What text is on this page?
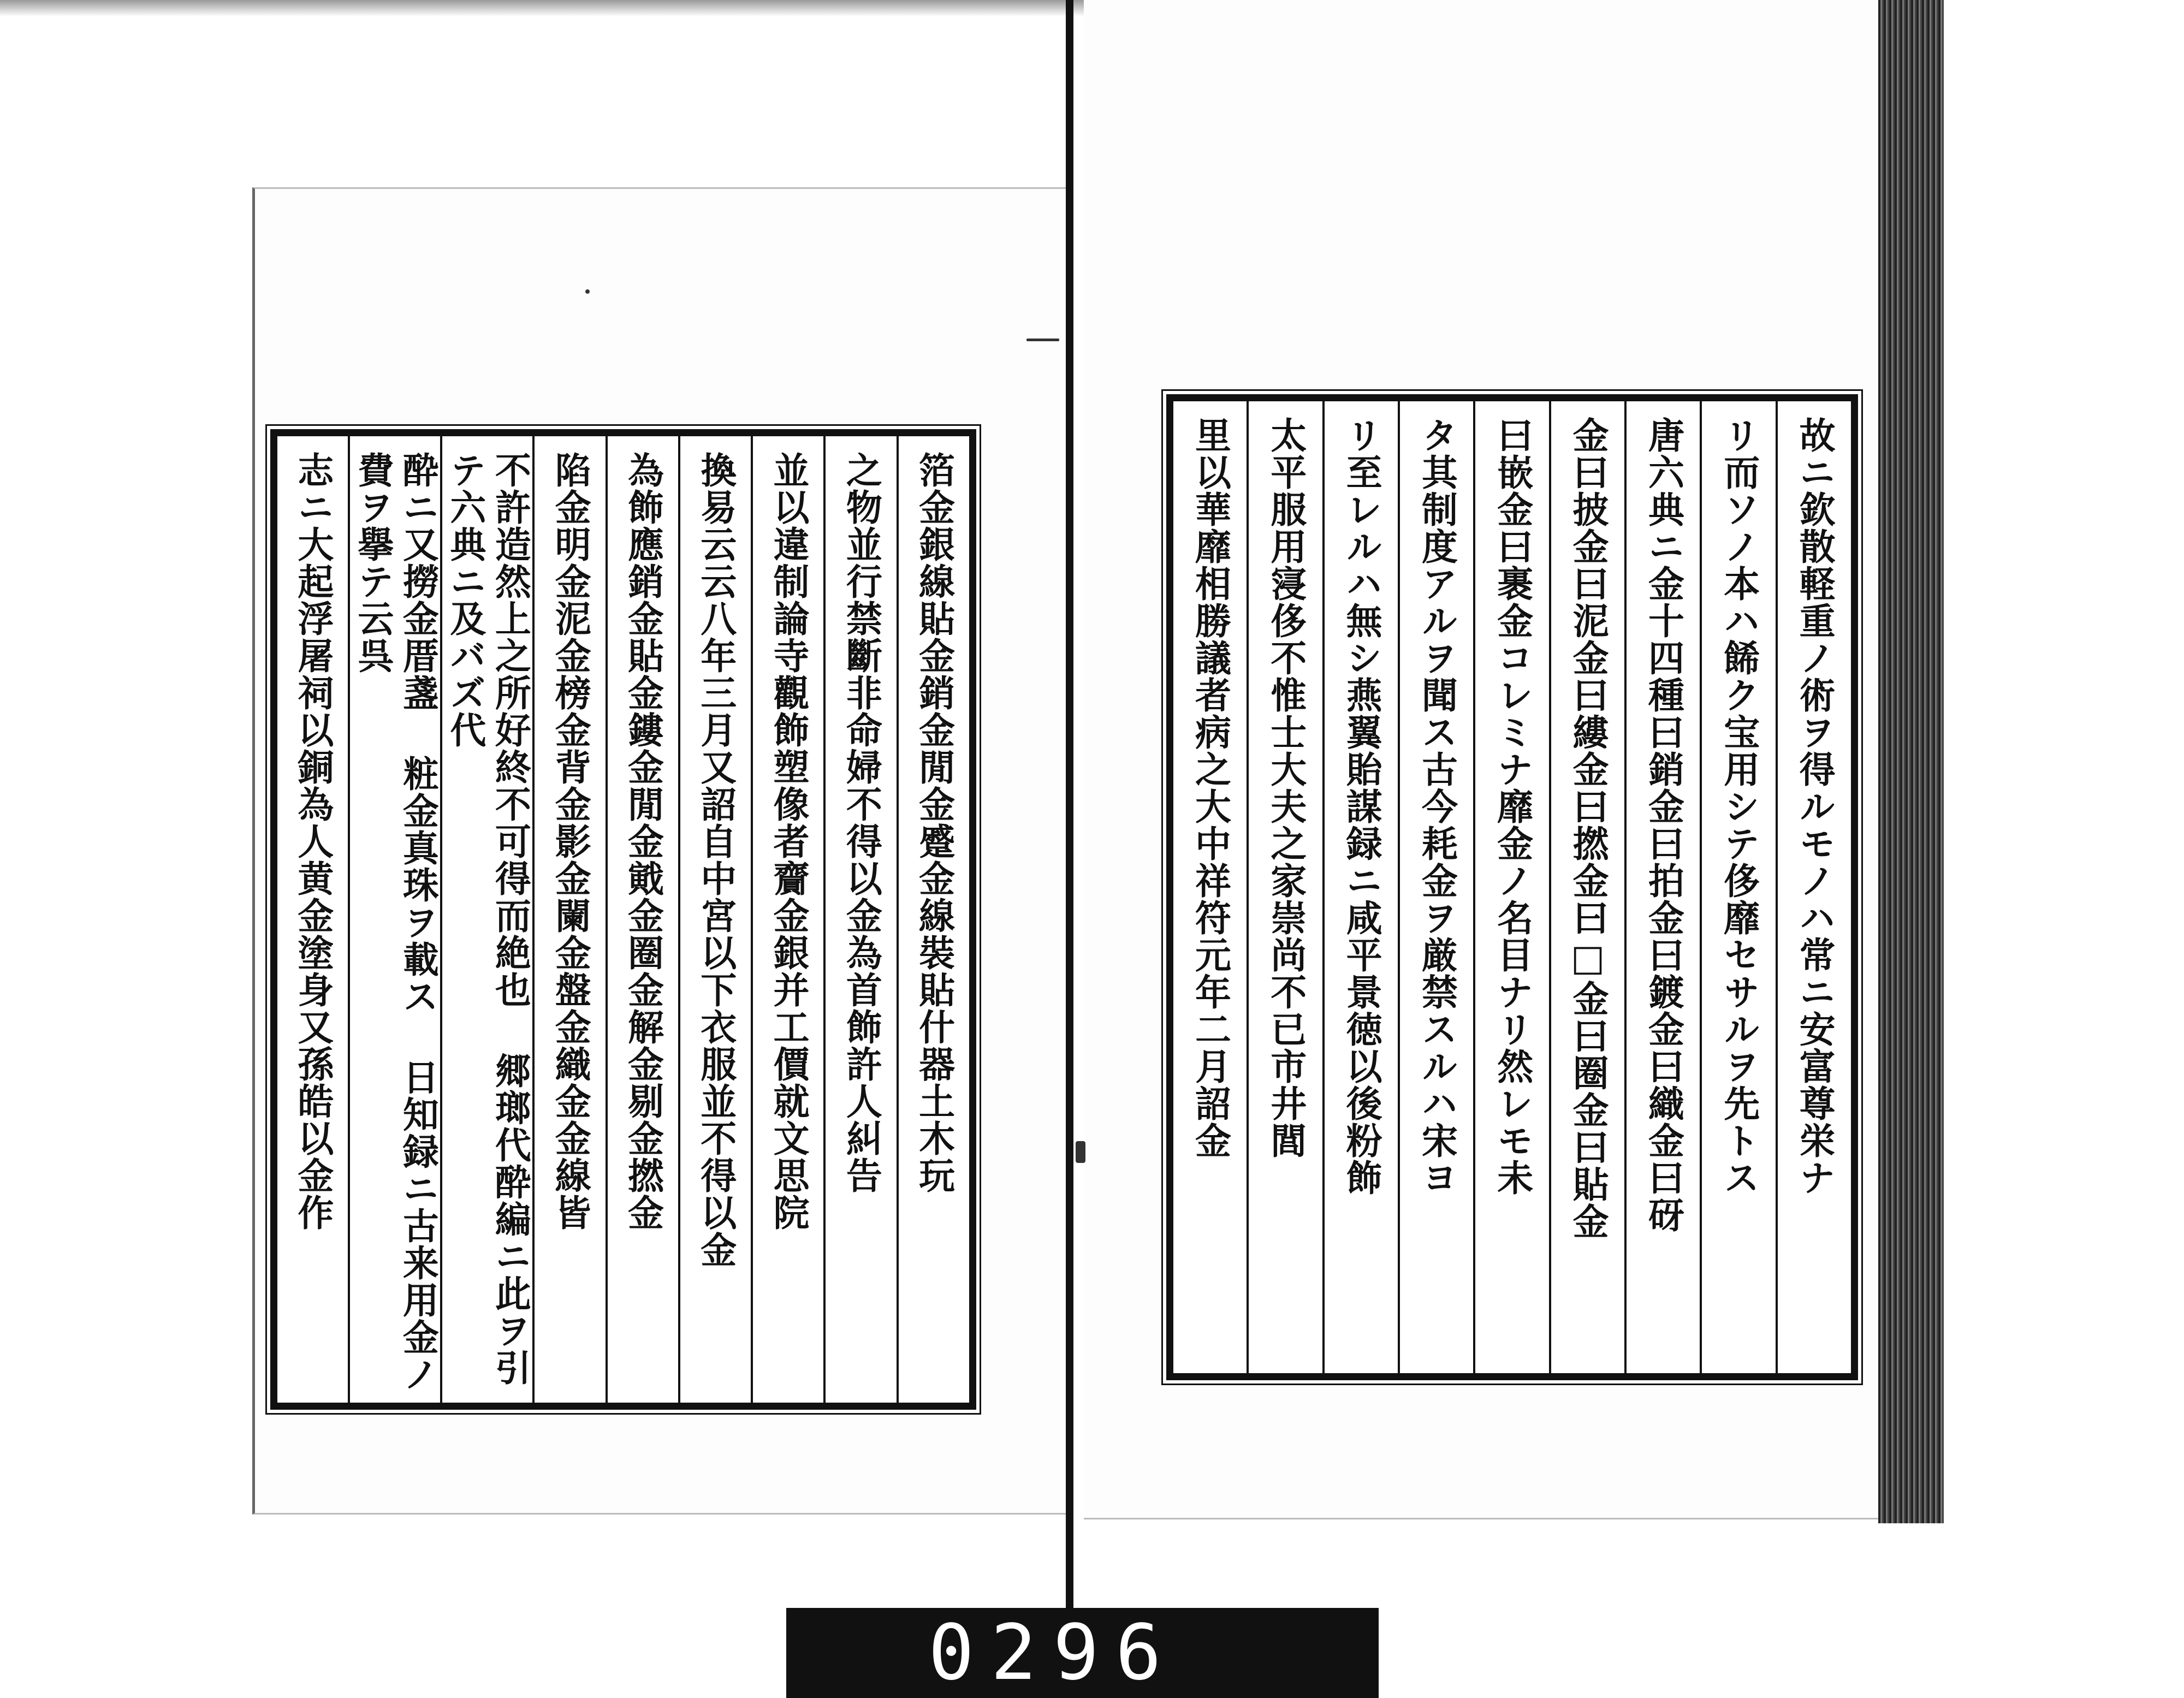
箔金銀線貼金銷金閒金蹙金線裝貼什器土木玩
之物並行禁斷非命婦不得以金為首飾許人糾告
並以違制論寺觀飾塑像者齎金銀并工價就文思院
換易云云八年三月又詔自中宮以下衣服並不得以金
為飾應銷金貼金鏤金閒金戭金圈金解金剔金撚金
陷金明金泥金榜金背金影金闌金盤金織金金線皆
不許造然上之所好終不可得而絶也 郷瑯代酔編ニ此ヲ引テ六典ニ及バズ代
酔ニ又撈金厝盞 粧金真珠ヲ載ス 日知録ニ古来用金ノ費ヲ擧テ云呉
志ニ大起浮屠祠以銅為人黄金塗身又孫皓以金作	故ニ欽散軽重ノ術ヲ得ルモノハ常ニ安富尊栄ナ
リ而ソノ本ハ餙ク宝用シテ侈靡セサルヲ先トス
唐六典ニ金十四種曰銷金曰拍金曰鍍金曰織金曰砑
金曰披金曰泥金曰縷金曰撚金曰□金曰圈金曰貼金
曰嵌金曰裹金コレミナ靡金ノ名目ナリ然レモ未
タ其制度アルヲ聞ス古今耗金ヲ厳禁スルハ宋ヨ
リ至レルハ無シ燕翼貽謀録ニ咸平景徳以後粉飾
太平服用寖侈不惟士大夫之家崇尚不已市井閭
里以華靡相勝議者病之大中祥符元年二月詔金
0296
